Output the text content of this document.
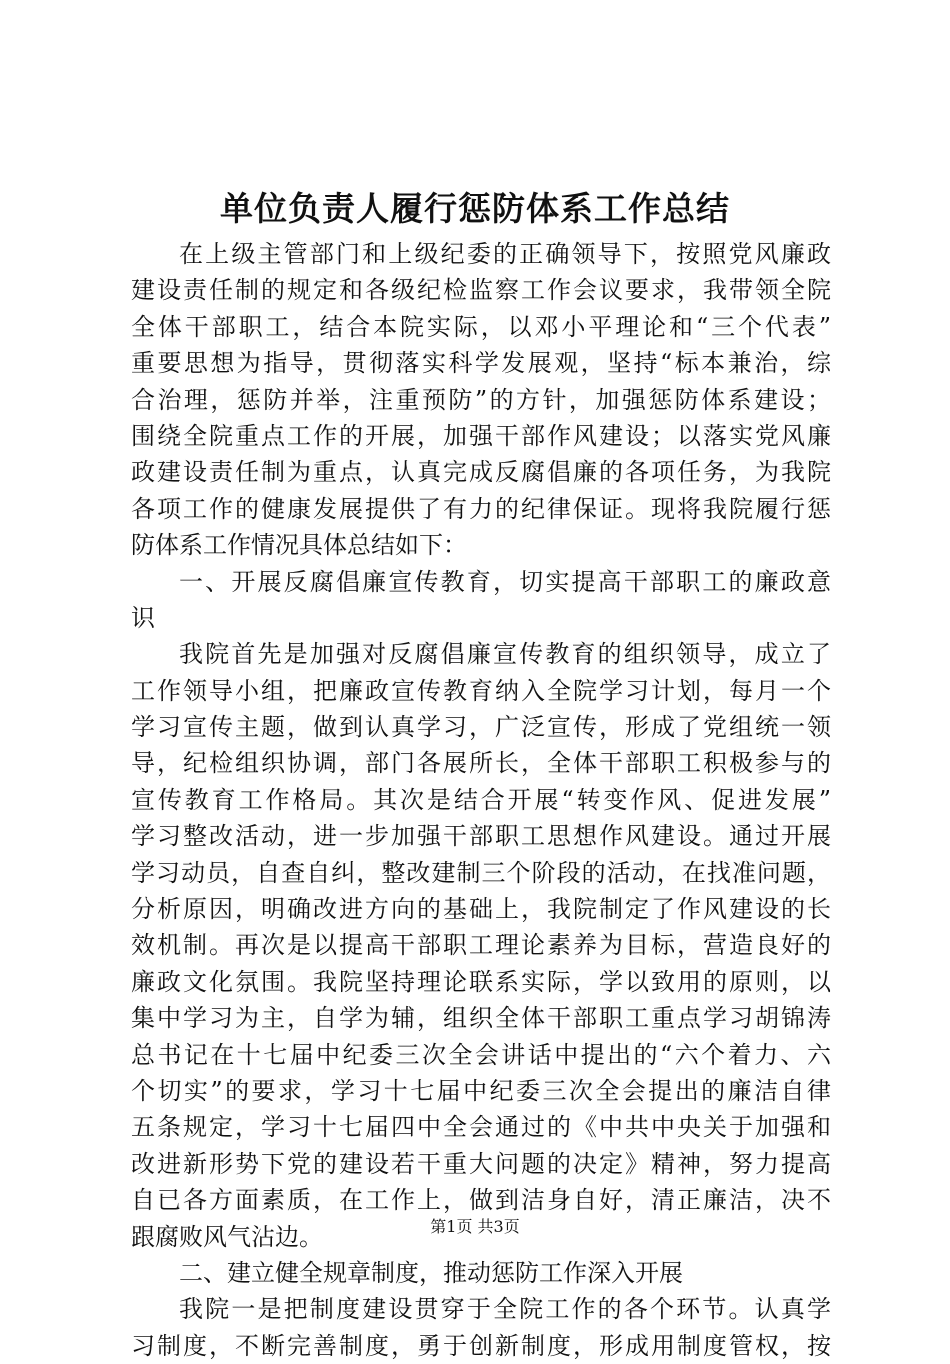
单位负责人履行惩防体系工作总结
在上级主管部门和上级纪委的正确领导下，按照党风廉政
建设责任制的规定和各级纪检监察工作会议要求，我带领全院
全体干部职工，结合本院实际，以邓小平理论和“三个代表”
重要思想为指导，贯彻落实科学发展观，坚持“标本兼治，综
合治理，惩防并举，注重预防”的方针，加强惩防体系建设；
围绕全院重点工作的开展，加强干部作风建设；以落实党风廉
政建设责任制为重点，认真完成反腐倡廉的各项任务，为我院
各项工作的健康发展提供了有力的纪律保证。现将我院履行惩
防体系工作情况具体总结如下：
一、开展反腐倡廉宣传教育，切实提高干部职工的廉政意
识
我院首先是加强对反腐倡廉宣传教育的组织领导，成立了
工作领导小组，把廉政宣传教育纳入全院学习计划，每月一个
学习宣传主题，做到认真学习，广泛宣传，形成了党组统一领
导，纪检组织协调，部门各展所长，全体干部职工积极参与的
宣传教育工作格局。其次是结合开展“转变作风、促进发展”
学习整改活动，进一步加强干部职工思想作风建设。通过开展
学习动员，自查自纠，整改建制三个阶段的活动，在找准问题，
分析原因，明确改进方向的基础上，我院制定了作风建设的长
效机制。再次是以提高干部职工理论素养为目标，营造良好的
廉政文化氛围。我院坚持理论联系实际，学以致用的原则，以
集中学习为主，自学为辅，组织全体干部职工重点学习胡锦涛
总书记在十七届中纪委三次全会讲话中提出的“六个着力、六
个切实”的要求，学习十七届中纪委三次全会提出的廉洁自律
五条规定，学习十七届四中全会通过的《中共中央关于加强和
改进新形势下党的建设若干重大问题的决定》精神，努力提高
自已各方面素质，在工作上，做到洁身自好，清正廉洁，决不
跟腐败风气沾边。
二、建立健全规章制度，推动惩防工作深入开展
我院一是把制度建设贯穿于全院工作的各个环节。认真学
习制度，不断完善制度，勇于创新制度，形成用制度管权，按
第1页 共3页
